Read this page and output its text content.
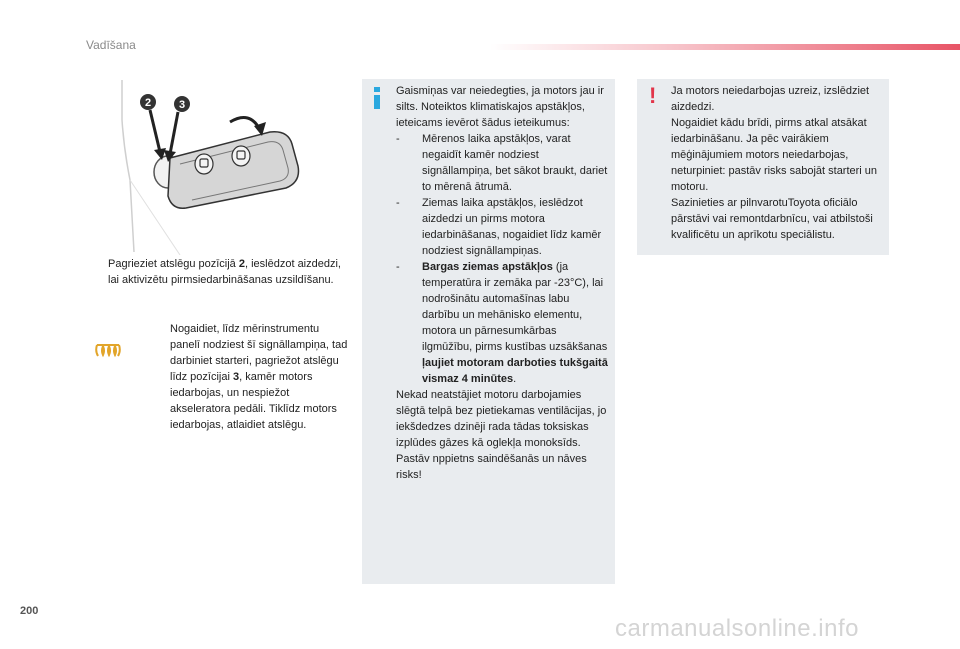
Vadīšana
2	3
Pagrieziet atslēgu pozīcijā 2, ieslēdzot aizdedzi, lai aktivizētu pirmsiedarbināšanas uzsildīšanu.
Nogaidiet, līdz mērinstrumentu panelī nodziest šī signāllampiņa, tad darbiniet starteri, pagriežot atslēgu līdz pozīcijai 3, kamēr motors iedarbojas, un nespiežot akseleratora pedāli. Tiklīdz motors iedarbojas, atlaidiet atslēgu.

Gaismiņas var neiedegties, ja motors jau ir silts. Noteiktos klimatiskajos apstākļos, ieteicams ievērot šādus ieteikumus:

- Mērenos laika apstākļos, varat negaidīt kamēr nodziest signāllampiņa, bet sākot braukt, dariet to mērenā ātrumā.

- Ziemas laika apstākļos, ieslēdzot aizdedzi un pirms motora iedarbināšanas, nogaidiet līdz kamēr nodziest signāllampiņas.

- Bargas ziemas apstākļos (ja temperatūra ir zemāka par -23°C), lai nodrošinātu automašīnas labu darbību un mehānisko elementu, motora un pārnesumkārbas ilgmūžību, pirms kustības uzsākšanas ļaujiet motoram darboties tukšgaitā vismaz 4 minūtes.

Nekad neatstājiet motoru darbojamies slēgtā telpā bez pietiekamas ventilācijas, jo iekšdedzes dzinēji rada tādas toksiskas izplūdes gāzes kā oglekļa monoksīds. Pastāv nppietns saindēšanās un nāves risks!

! Ja motors neiedarbojas uzreiz, izslēdziet aizdedzi.

Nogaidiet kādu brīdi, pirms atkal atsākat iedarbināšanu. Ja pēc vairākiem mēģinājumiem motors neiedarbojas, neturpiniet: pastāv risks sabojāt starteri un motoru.

Sazinieties ar pilnvarotuToyota oficiālo pārstāvi vai remontdarbnīcu, vai atbilstoši kvalificētu un aprīkotu speciālistu.

200
carmanualsonline.info
